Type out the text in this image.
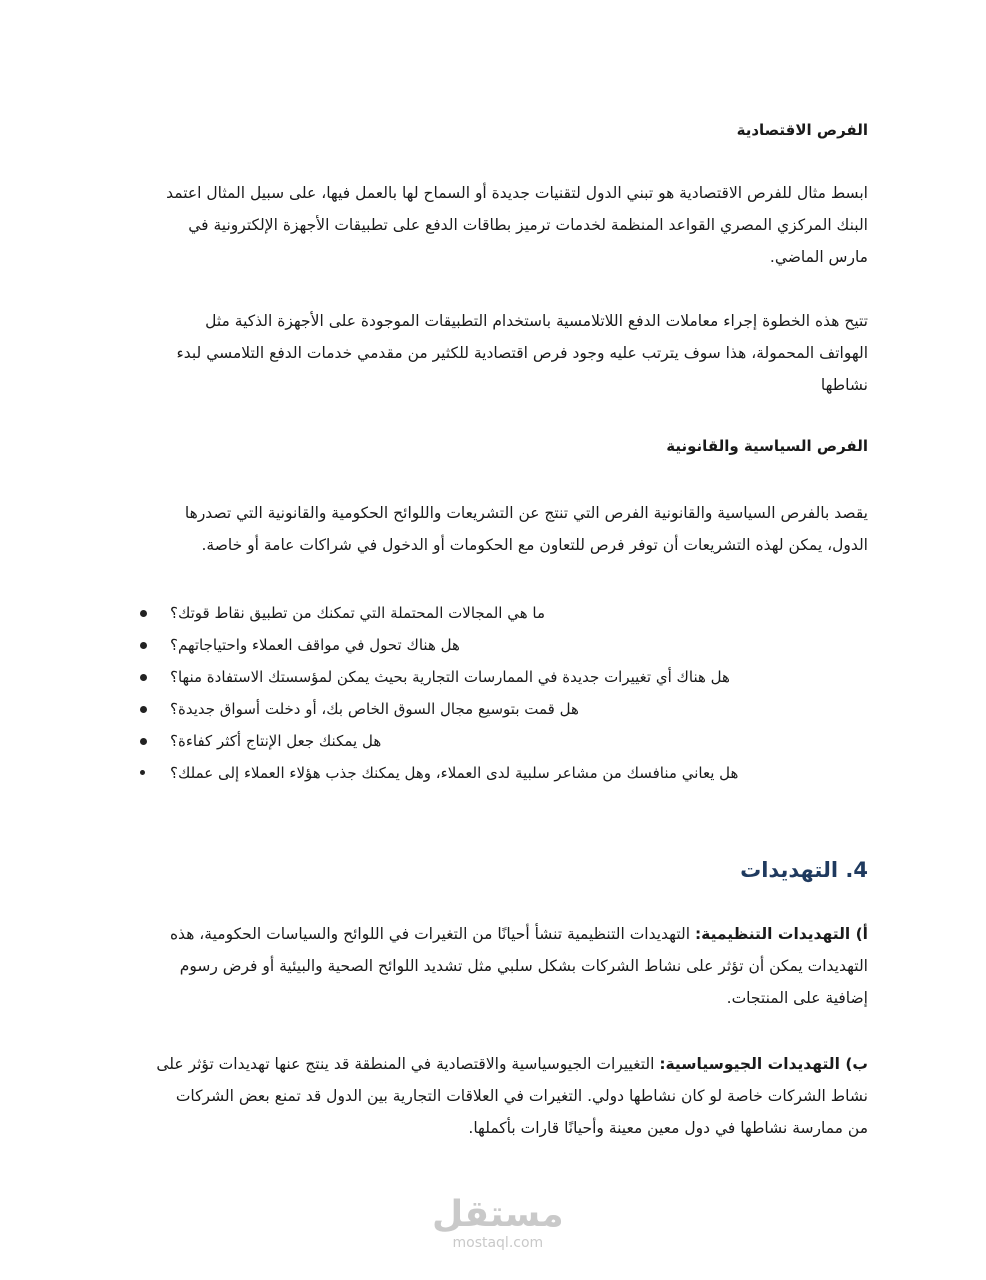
الفرص الاقتصادية
ابسط مثال للفرص الاقتصادية هو تبني الدول لتقنيات جديدة أو السماح لها بالعمل فيها، على سبيل المثال اعتمد
البنك المركزي المصري القواعد المنظمة لخدمات ترميز بطاقات الدفع على تطبيقات الأجهزة الإلكترونية في
مارس الماضي.
تتيح هذه الخطوة إجراء معاملات الدفع اللاتلامسية باستخدام التطبيقات الموجودة على الأجهزة الذكية مثل
الهواتف المحمولة، هذا سوف يترتب عليه وجود فرص اقتصادية للكثير من مقدمي خدمات الدفع التلامسي لبدء
نشاطها
الفرص السياسية والقانونية
يقصد بالفرص السياسية والقانونية الفرص التي تنتج عن التشريعات واللوائح الحكومية والقانونية التي تصدرها
الدول، يمكن لهذه التشريعات أن توفر فرص للتعاون مع الحكومات أو الدخول في شراكات عامة أو خاصة.
ما هي المجالات المحتملة التي تمكنك من تطبيق نقاط قوتك؟
هل هناك تحول في مواقف العملاء واحتياجاتهم؟
هل هناك أي تغييرات جديدة في الممارسات التجارية بحيث يمكن لمؤسستك الاستفادة منها؟
هل قمت بتوسيع مجال السوق الخاص بك، أو دخلت أسواق جديدة؟
هل يمكنك جعل الإنتاج أكثر كفاءة؟
هل يعاني منافسك من مشاعر سلبية لدى العملاء، وهل يمكنك جذب هؤلاء العملاء إلى عملك؟
4. التهديدات
أ) التهديدات التنظيمية: التهديدات التنظيمية تنشأ أحيانًا من التغيرات في اللوائح والسياسات الحكومية، هذه
التهديدات يمكن أن تؤثر على نشاط الشركات بشكل سلبي مثل تشديد اللوائح الصحية والبيئية أو فرض رسوم
إضافية على المنتجات.
ب) التهديدات الجيوسياسية: التغييرات الجيوسياسية والاقتصادية في المنطقة قد ينتج عنها تهديدات تؤثر على
نشاط الشركات خاصة لو كان نشاطها دولي. التغيرات في العلاقات التجارية بين الدول قد تمنع بعض الشركات
من ممارسة نشاطها في دول معين معينة وأحيانًا قارات بأكملها.
مستقل
mostaql.com
